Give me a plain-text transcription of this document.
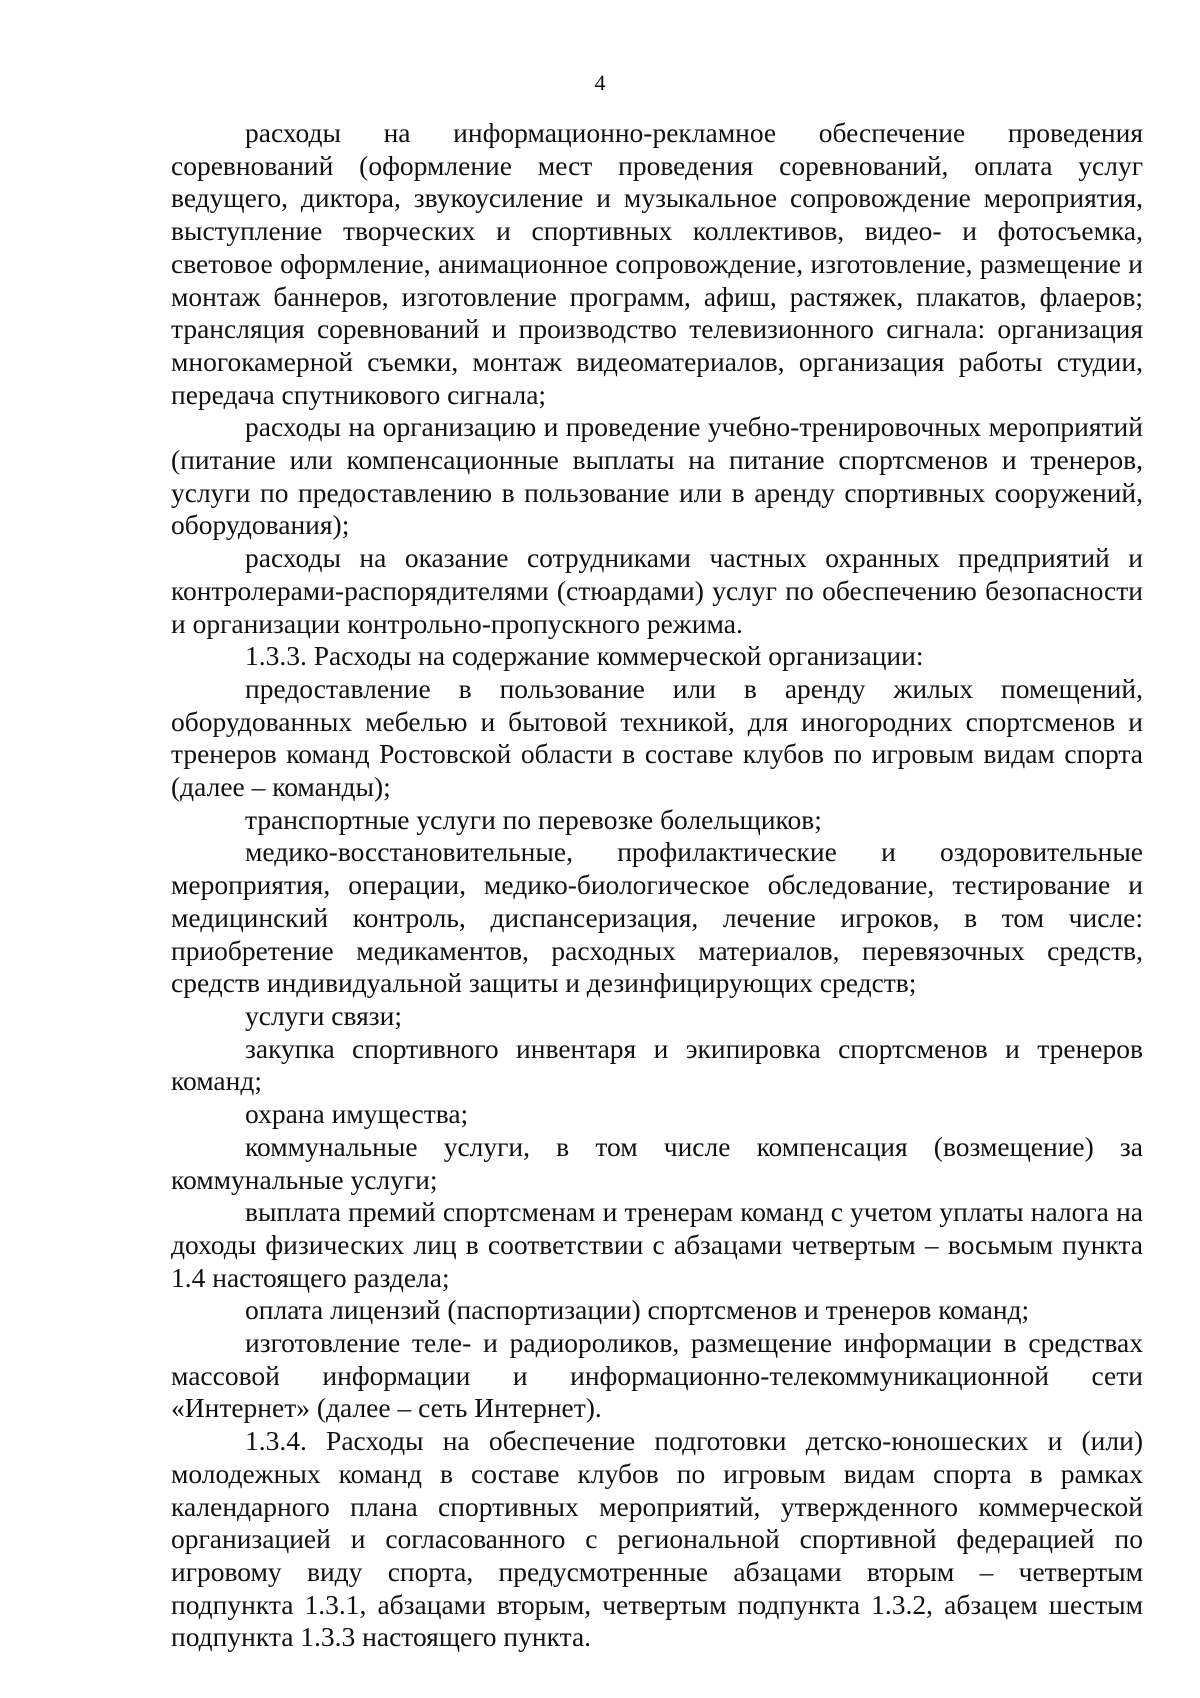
4

расходы на информационно-рекламное обеспечение проведения соревнований (оформление мест проведения соревнований, оплата услуг ведущего, диктора, звукоусиление и музыкальное сопровождение мероприятия, выступление творческих и спортивных коллективов, видео- и фотосъемка, световое оформление, анимационное сопровождение, изготовление, размещение и монтаж баннеров, изготовление программ, афиш, растяжек, плакатов, флаеров; трансляция соревнований и производство телевизионного сигнала: организация многокамерной съемки, монтаж видеоматериалов, организация работы студии, передача спутникового сигнала;

расходы на организацию и проведение учебно-тренировочных мероприятий (питание или компенсационные выплаты на питание спортсменов и тренеров, услуги по предоставлению в пользование или в аренду спортивных сооружений, оборудования);

расходы на оказание сотрудниками частных охранных предприятий и контролерами-распорядителями (стюардами) услуг по обеспечению безопасности и организации контрольно-пропускного режима.

1.3.3. Расходы на содержание коммерческой организации:

предоставление в пользование или в аренду жилых помещений, оборудованных мебелью и бытовой техникой, для иногородних спортсменов и тренеров команд Ростовской области в составе клубов по игровым видам спорта (далее – команды);

транспортные услуги по перевозке болельщиков;

медико-восстановительные, профилактические и оздоровительные мероприятия, операции, медико-биологическое обследование, тестирование и медицинский контроль, диспансеризация, лечение игроков, в том числе: приобретение медикаментов, расходных материалов, перевязочных средств, средств индивидуальной защиты и дезинфицирующих средств;

услуги связи;

закупка спортивного инвентаря и экипировка спортсменов и тренеров команд;

охрана имущества;

коммунальные услуги, в том числе компенсация (возмещение) за коммунальные услуги;

выплата премий спортсменам и тренерам команд с учетом уплаты налога на доходы физических лиц в соответствии с абзацами четвертым – восьмым пункта 1.4 настоящего раздела;

оплата лицензий (паспортизации) спортсменов и тренеров команд;

изготовление теле- и радиороликов, размещение информации в средствах массовой информации и информационно-телекоммуникационной сети «Интернет» (далее – сеть Интернет).

1.3.4. Расходы на обеспечение подготовки детско-юношеских и (или) молодежных команд в составе клубов по игровым видам спорта в рамках календарного плана спортивных мероприятий, утвержденного коммерческой организацией и согласованного с региональной спортивной федерацией по игровому виду спорта, предусмотренные абзацами вторым – четвертым подпункта 1.3.1, абзацами вторым, четвертым подпункта 1.3.2, абзацем шестым подпункта 1.3.3 настоящего пункта.
